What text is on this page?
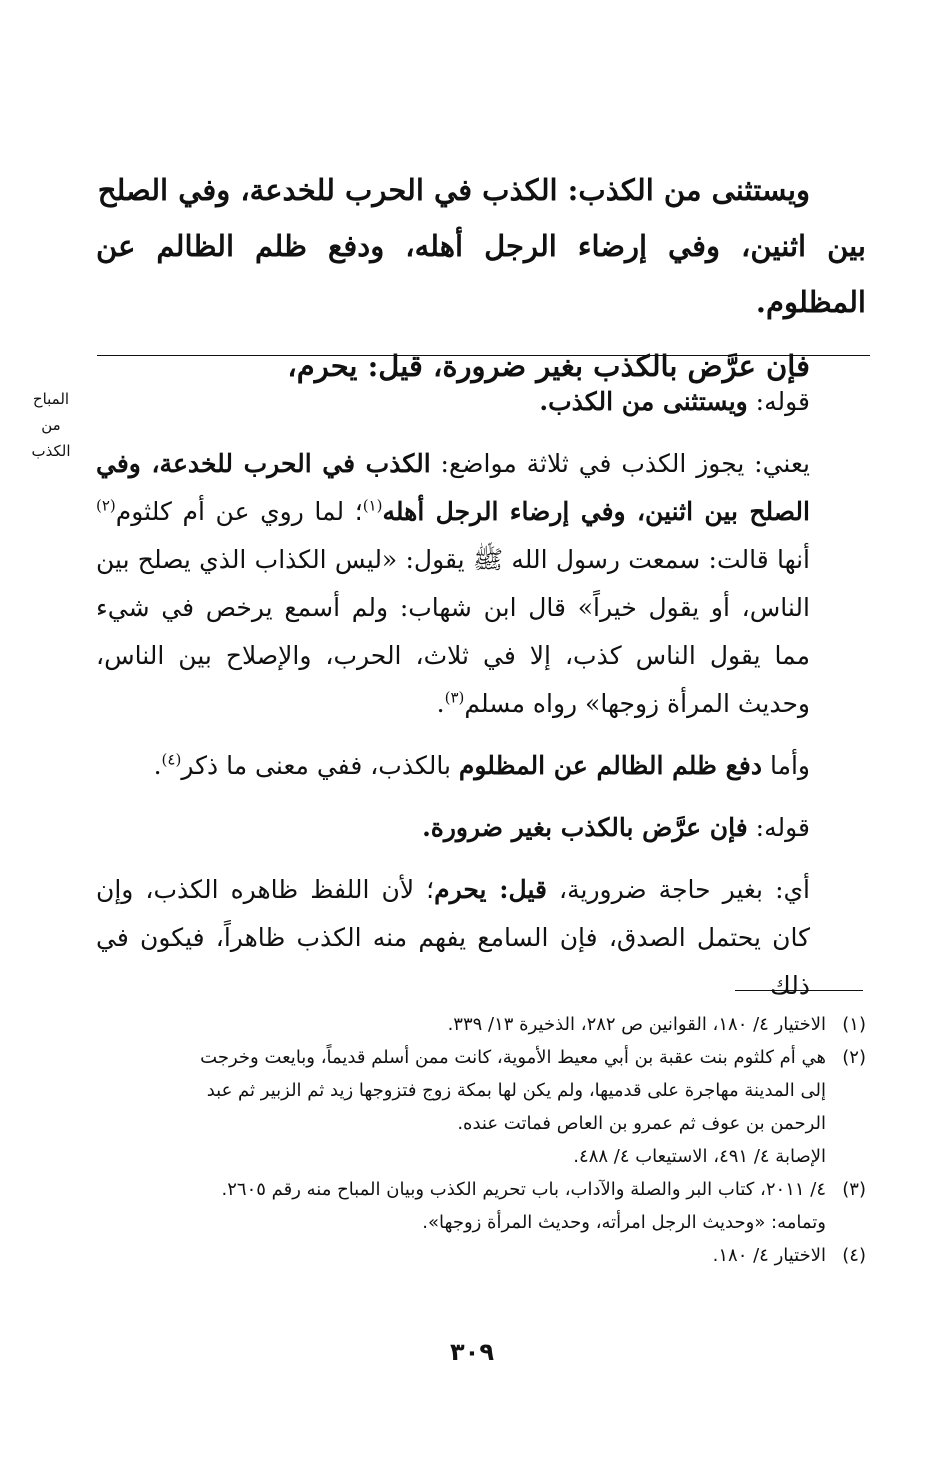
ويستثنى من الكذب: الكذب في الحرب للخدعة، وفي الصلح

بين اثنين، وفي إرضاء الرجل أهله، ودفع ظلم الظالم عن المظلوم.

فإن عرَّض بالكذب بغير ضرورة، قيل: يحرم،

المباح
من
الكذب

قوله: ويستثنى من الكذب.

يعني: يجوز الكذب في ثلاثة مواضع: الكذب في الحرب للخدعة، وفي الصلح بين اثنين، وفي إرضاء الرجل أهله$^{(١)}$؛ لما روي عن أم كلثوم$^{(٢)}$ أنها قالت: سمعت رسول الله ﷺ يقول: «ليس الكذاب الذي يصلح بين الناس، أو يقول خيراً» قال ابن شهاب: ولم أسمع يرخص في شيء مما يقول الناس كذب، إلا في ثلاث، الحرب، والإصلاح بين الناس، وحديث المرأة زوجها» رواه مسلم$^{(٣)}$.

وأما دفع ظلم الظالم عن المظلوم بالكذب، ففي معنى ما ذكر$^{(٤)}$.

قوله: فإن عرَّض بالكذب بغير ضرورة.

أي: بغير حاجة ضرورية، قيل: يحرم؛ لأن اللفظ ظاهره الكذب، وإن كان يحتمل الصدق، فإن السامع يفهم منه الكذب ظاهراً، فيكون في ذلك

(١)
الاختيار ٤/ ١٨٠، القوانين ص ٢٨٢، الذخيرة ١٣/ ٣٣٩.
(٢)
هي أم كلثوم بنت عقبة بن أبي معيط الأموية، كانت ممن أسلم قديماً، وبايعت وخرجت
إلى المدينة مهاجرة على قدميها، ولم يكن لها بمكة زوج فتزوجها زيد ثم الزبير ثم عبد
الرحمن بن عوف ثم عمرو بن العاص فماتت عنده.
الإصابة ٤/ ٤٩١، الاستيعاب ٤/ ٤٨٨.
(٣)
٤/ ٢٠١١، كتاب البر والصلة والآداب، باب تحريم الكذب وبيان المباح منه رقم ٢٦٠٥.
وتمامه: «وحديث الرجل امرأته، وحديث المرأة زوجها».
(٤)
الاختيار ٤/ ١٨٠.
٣٠٩
